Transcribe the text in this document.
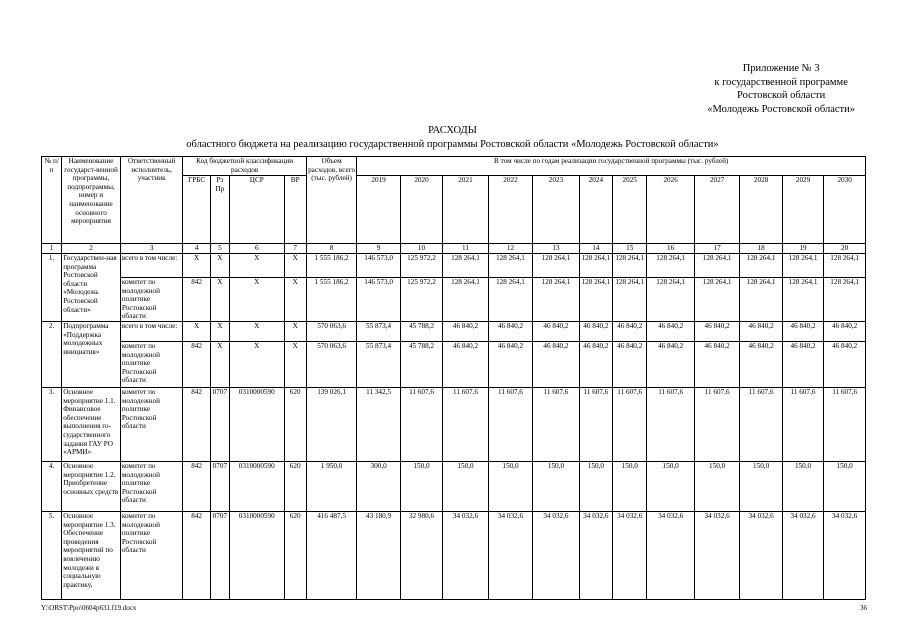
Приложение № 3
к государственной программе
Ростовской области
«Молодежь Ростовской области»
РАСХОДЫ
областного бюджета на реализацию государственной программы Ростовской области «Молодежь Ростовской области»
№ п/п	Наименование государст-венной программы, подпрограммы, номер и наименование основного мероприятия	Ответственный исполнитель, участник	Код бюджетной классификации расходов				Объем расходов, всего (тыс. рублей)	В том числе по годам реализации государственной программы (тыс. рублей)											
			ГРБС	Рз Пр	ЦСР	ВР		2019	2020	2021	2022	2023	2024	2025	2026	2027	2028	2029	2030
1	2	3	4	5	6	7	8	9	10	11	12	13	14	15	16	17	18	19	20
1.	Государствен-ная программа Ростовской области «Молодежь Ростовской области»	всего в том числе:	X	X	X	X	1 555 186,2	146 573,0	125 972,2	128 264,1	128 264,1	128 264,1	128 264,1	128 264,1	128 264,1	128 264,1	128 264,1	128 264,1	128 264,1
		комитет по молодежной политике Ростовской области	842	X	X	X	1 555 186,2	146 573,0	125 972,2	128 264,1	128 264,1	128 264,1	128 264,1	128 264,1	128 264,1	128 264,1	128 264,1	128 264,1	128 264,1
2.	Подпрограмма «Поддержка молодежных инициатив»	всего в том числе:	X	X	X	X	570 063,6	55 873,4	45 788,2	46 840,2	46 840,2	46 840,2	46 840,2	46 840,2	46 840,2	46 840,2	46 840,2	46 840,2	46 840,2
		комитет по молодежной политике Ростовской области	842	X	X	X	570 063,6	55 873,4	45 788,2	46 840,2	46 840,2	46 840,2	46 840,2	46 840,2	46 840,2	46 840,2	46 840,2	46 840,2	46 840,2
3.	Основное мероприятие 1.1. Финансовое обеспечение выполнения го-сударственного задания ГАУ РО «АРМИ»	комитет по молодежной политике Ростовской области	842	0707	0310000590	620	139 026,1	11 342,5	11 607,6	11 607,6	11 607,6	11 607,6	11 607,6	11 607,6	11 607,6	11 607,6	11 607,6	11 607,6	11 607,6
4.	Основное мероприятие 1.2. Приобретение основных средств	комитет по молодежной политике Ростовской области	842	0707	0310000590	620	1 950,0	300,0	150,0	150,0	150,0	150,0	150,0	150,0	150,0	150,0	150,0	150,0	150,0
5.	Основное мероприятие 1.3. Обеспечение проведения мероприятий по вовлечению молодежи в социальную практику,	комитет по молодежной политике Ростовской области	842	0707	0310000590	620	416 487,5	43 180,9	32 980,6	34 032,6	34 032,6	34 032,6	34 032,6	34 032,6	34 032,6	34 032,6	34 032,6	34 032,6	34 032,6
Y:\ORST\Ppo\0604p631.f19.docx	36
